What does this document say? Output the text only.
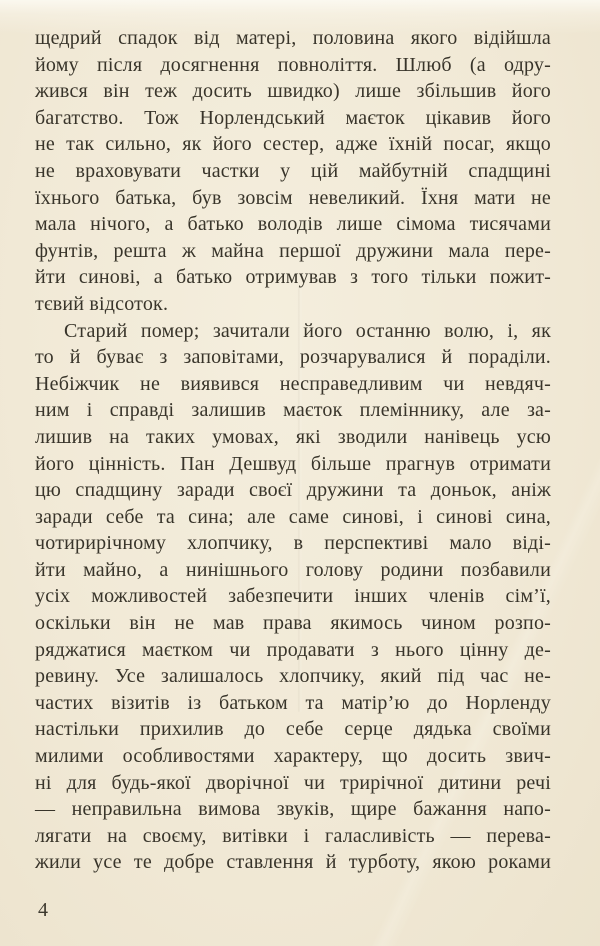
щедрий спадок від матері, половина якого відійшла
йому після досягнення повноліття. Шлюб (а одру-
жився він теж досить швидко) лише збільшив його
багатство. Тож Норлендський маєток цікавив його
не так сильно, як його сестер, адже їхній посаг, якщо
не враховувати частки у цій майбутній спадщині
їхнього батька, був зовсім невеликий. Їхня мати не
мала нічого, а батько володів лише сімома тисячами
фунтів, решта ж майна першої дружини мала пере-
йти синові, а батько отримував з того тільки пожит-
тєвий відсоток.
Старий помер; зачитали його останню волю, і, як
то й буває з заповітами, розчарувалися й пораділи.
Небіжчик не виявився несправедливим чи невдяч-
ним і справді залишив маєток племіннику, але за-
лишив на таких умовах, які зводили нанівець усю
його цінність. Пан Дешвуд більше прагнув отримати
цю спадщину заради своєї дружини та доньок, аніж
заради себе та сина; але саме синові, і синові сина,
чотирирічному хлопчику, в перспективі мало віді-
йти майно, а нинішнього голову родини позбавили
усіх можливостей забезпечити інших членів сім’ї,
оскільки він не мав права якимось чином розпо-
ряджатися маєтком чи продавати з нього цінну де-
ревину. Усе залишалось хлопчику, який під час не-
частих візитів із батьком та матір’ю до Норленду
настільки прихилив до себе серце дядька своїми
милими особливостями характеру, що досить звич-
ні для будь-якої дворічної чи трирічної дитини речі
— неправильна вимова звуків, щире бажання напо-
лягати на своєму, витівки і галасливість — перева-
жили усе те добре ставлення й турботу, якою роками
4
